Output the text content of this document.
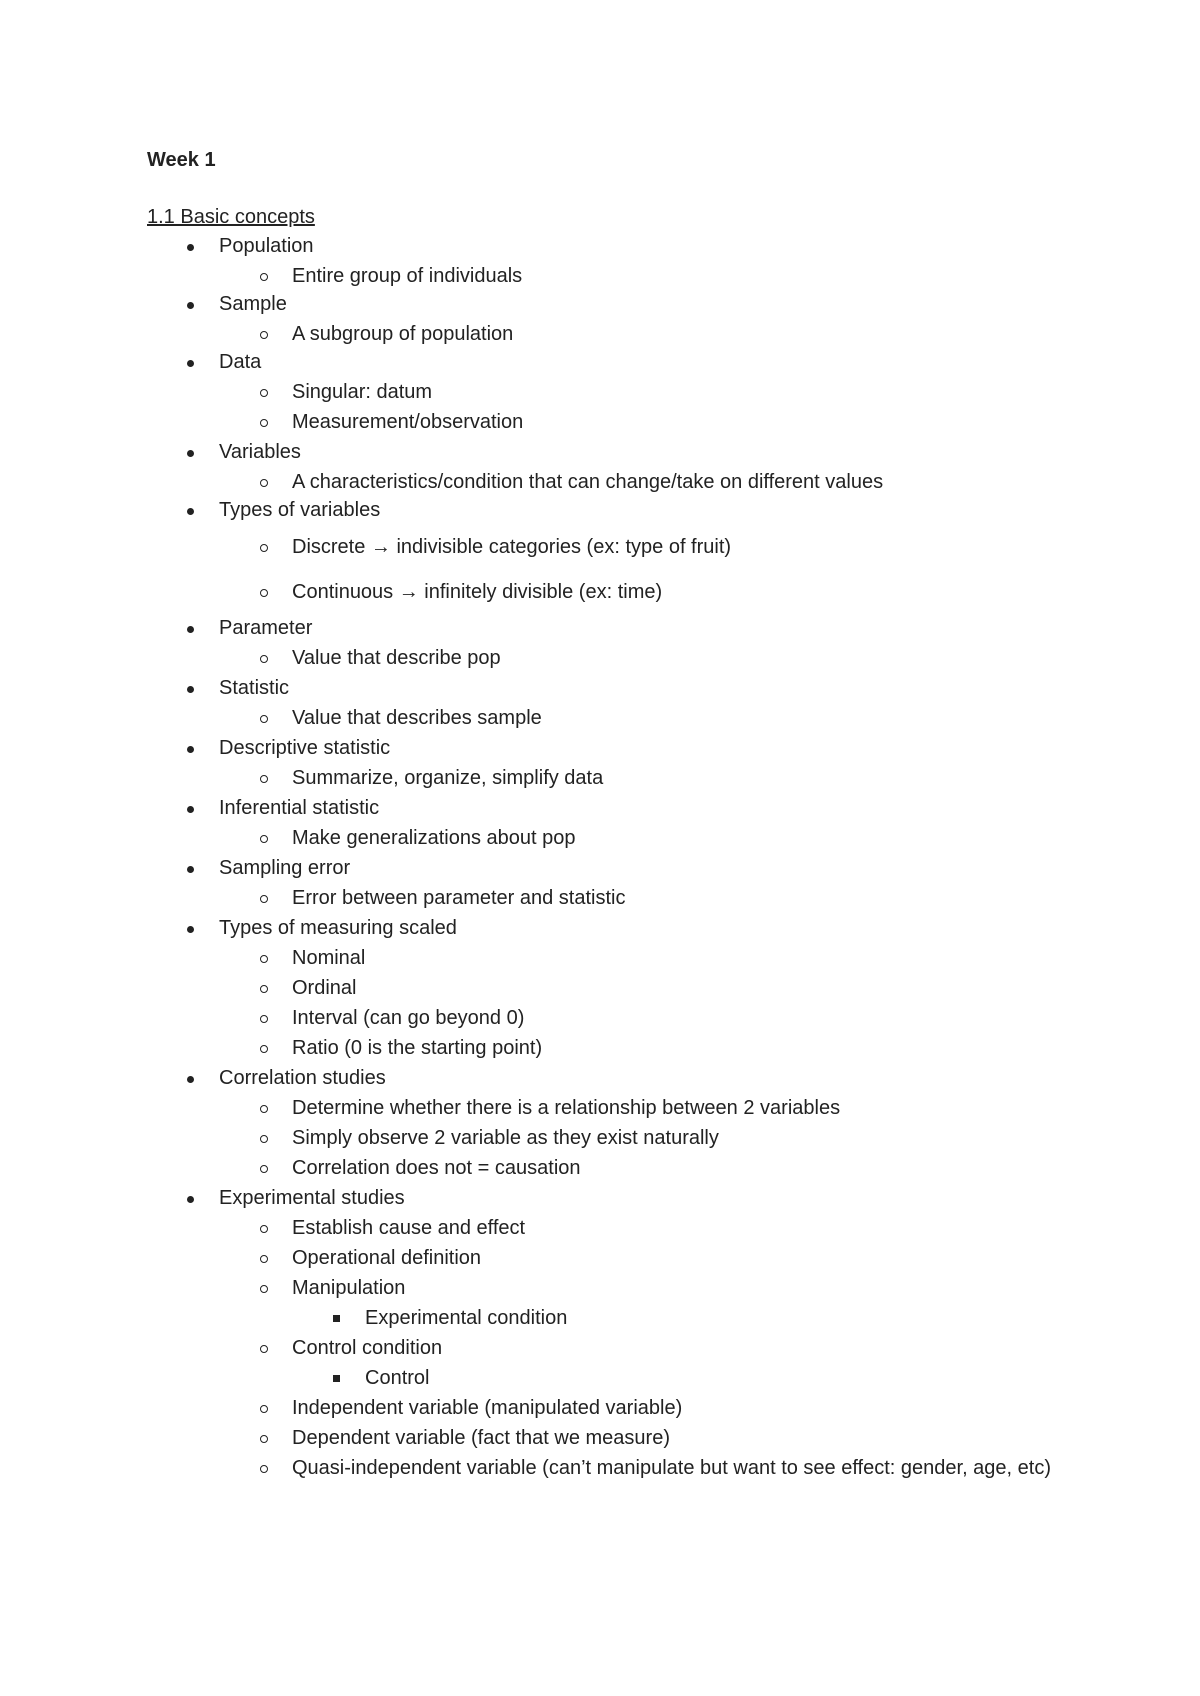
Week 1
1.1 Basic concepts
Population
Entire group of individuals
Sample
A subgroup of population
Data
Singular: datum
Measurement/observation
Variables
A characteristics/condition that can change/take on different values
Types of variables
Discrete → indivisible categories (ex: type of fruit)
Continuous → infinitely divisible (ex: time)
Parameter
Value that describe pop
Statistic
Value that describes sample
Descriptive statistic
Summarize, organize, simplify data
Inferential statistic
Make generalizations about pop
Sampling error
Error between parameter and statistic
Types of measuring scaled
Nominal
Ordinal
Interval (can go beyond 0)
Ratio (0 is the starting point)
Correlation studies
Determine whether there is a relationship between 2 variables
Simply observe 2 variable as they exist naturally
Correlation does not = causation
Experimental studies
Establish cause and effect
Operational definition
Manipulation
Experimental condition
Control condition
Control
Independent variable (manipulated variable)
Dependent variable (fact that we measure)
Quasi-independent variable (can’t manipulate but want to see effect: gender, age, etc)
